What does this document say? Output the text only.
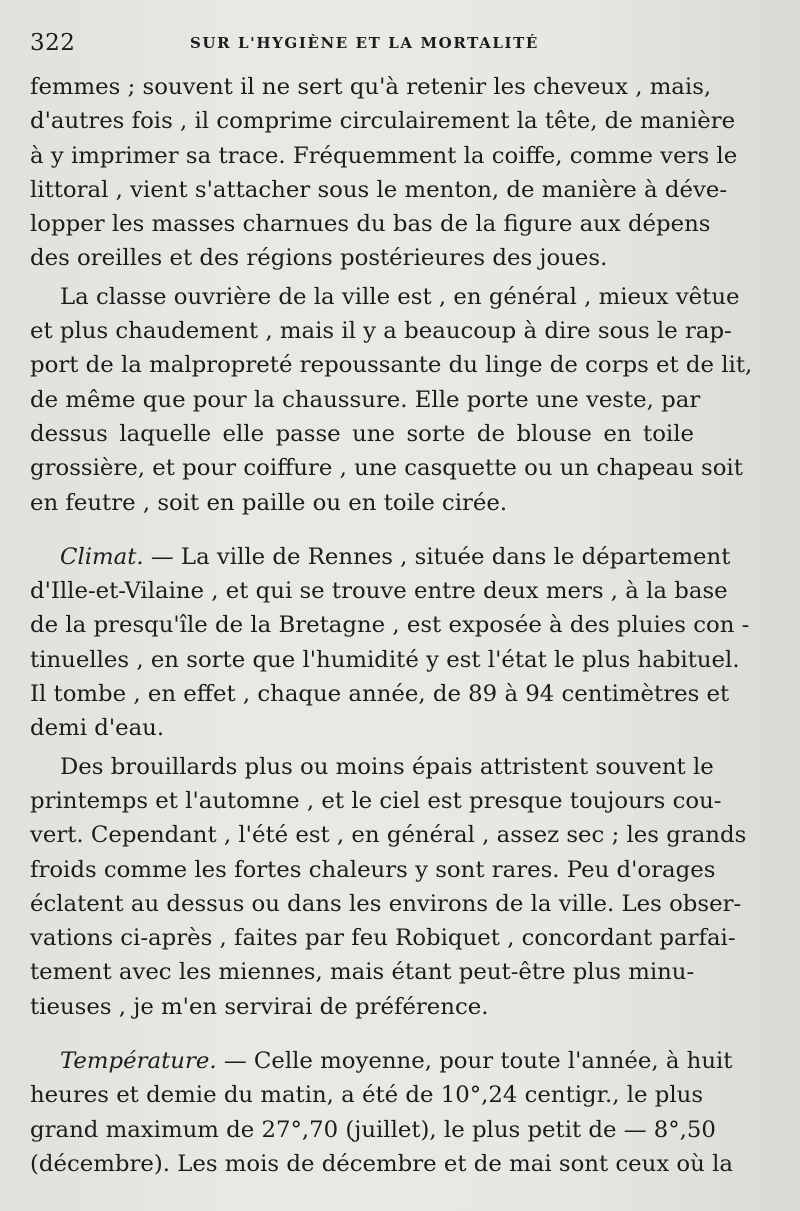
322	SUR L'HYGIÈNE ET LA MORTALITÉ
femmes ; souvent il ne sert qu'à retenir les cheveux , mais,
d'autres fois , il comprime circulairement la tête, de manière
à y imprimer sa trace. Fréquemment la coiffe, comme vers le
littoral , vient s'attacher sous le menton, de manière à déve-
lopper les masses charnues du bas de la figure aux dépens
des oreilles et des régions postérieures des joues.
La classe ouvrière de la ville est , en général , mieux vêtue
et plus chaudement , mais il y a beaucoup à dire sous le rap-
port de la malpropreté repoussante du linge de corps et de lit,
de même que pour la chaussure. Elle porte une veste, par
dessus laquelle elle passe une sorte de blouse en toile
grossière, et pour coiffure , une casquette ou un chapeau soit
en feutre , soit en paille ou en toile cirée.
Climat. — La ville de Rennes , située dans le département
d'Ille-et-Vilaine , et qui se trouve entre deux mers , à la base
de la presqu'île de la Bretagne , est exposée à des pluies con -
tinuelles , en sorte que l'humidité y est l'état le plus habituel.
Il tombe , en effet , chaque année, de 89 à 94 centimètres et
demi d'eau.
Des brouillards plus ou moins épais attristent souvent le
printemps et l'automne , et le ciel est presque toujours cou-
vert. Cependant , l'été est , en général , assez sec ; les grands
froids comme les fortes chaleurs y sont rares. Peu d'orages
éclatent au dessus ou dans les environs de la ville. Les obser-
vations ci-après , faites par feu Robiquet , concordant parfai-
tement avec les miennes, mais étant peut-être plus minu-
tieuses , je m'en servirai de préférence.
Température. — Celle moyenne, pour toute l'année, à huit
heures et demie du matin, a été de 10°,24 centigr., le plus
grand maximum de 27°,70 (juillet), le plus petit de — 8°,50
(décembre). Les mois de décembre et de mai sont ceux où la
